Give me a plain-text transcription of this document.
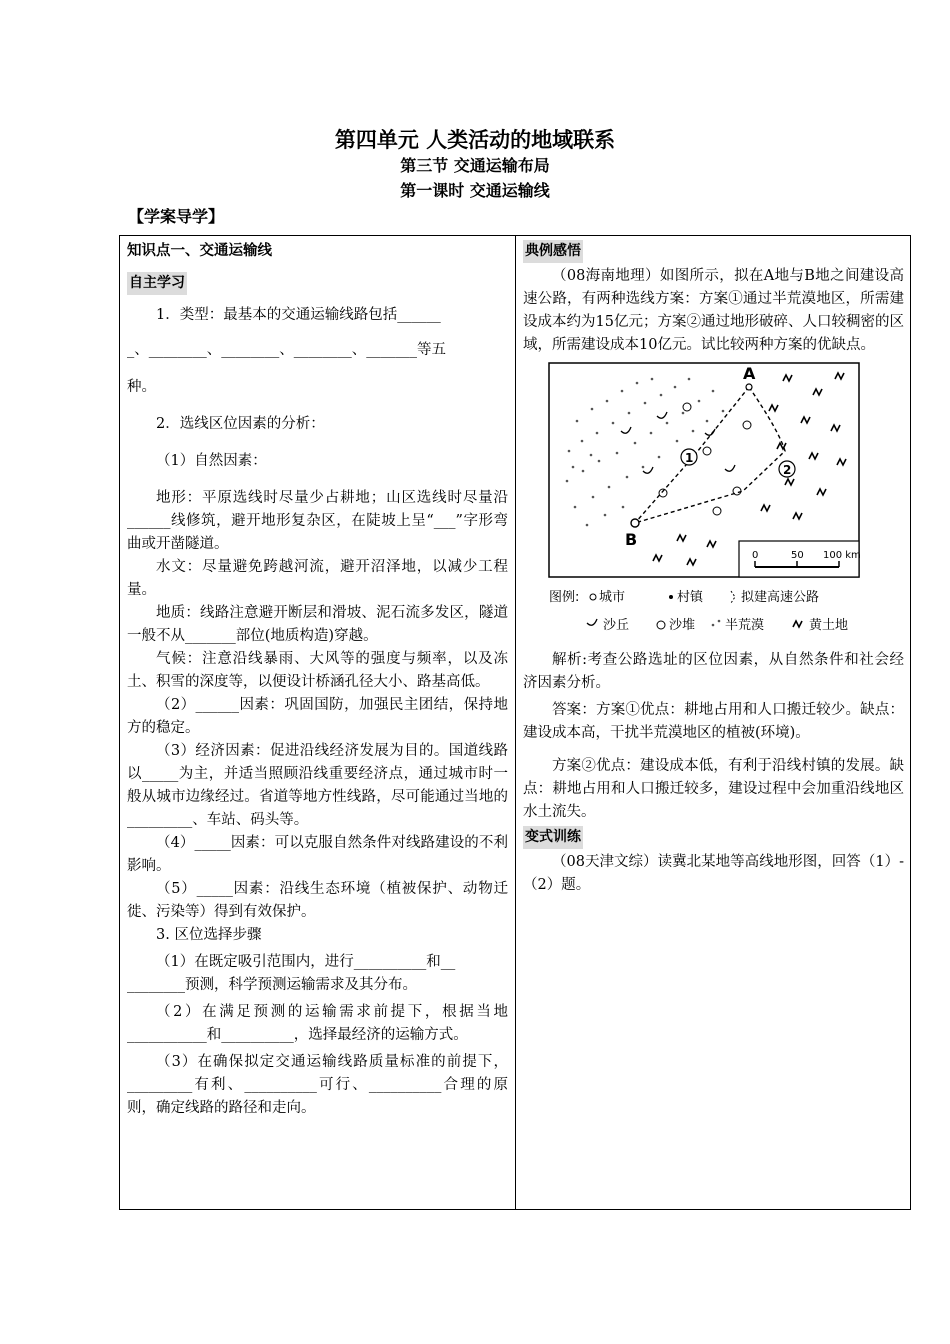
第四单元 人类活动的地域联系
第三节 交通运输布局
第一课时 交通运输线
【学案导学】

知识点一、交通运输线

自主学习

1．类型：最基本的交通运输线路包括______

_、________、________、________、_______等五

种。

2．选线区位因素的分析：

（1）自然因素：

地形：平原选线时尽量少占耕地；山区选线时尽量沿______线修筑，避开地形复杂区，在陡坡上呈“___”字形弯曲或开凿隧道。

水文：尽量避免跨越河流，避开沼泽地，以减少工程量。

地质：线路注意避开断层和滑坡、泥石流多发区，隧道一般不从_______部位(地质构造)穿越。

气候：注意沿线暴雨、大风等的强度与频率，以及冻土、积雪的深度等，以便设计桥涵孔径大小、路基高低。

（2）______因素：巩固国防，加强民主团结，保持地方的稳定。

（3）经济因素：促进沿线经济发展为目的。国道线路以_____为主，并适当照顾沿线重要经济点，通过城市时一般从城市边缘经过。省道等地方性线路，尽可能通过当地的_________、车站、码头等。

（4）_____因素：可以克服自然条件对线路建设的不利影响。

（5）_____因素：沿线生态环境（植被保护、动物迁徙、污染等）得到有效保护。

3. 区位选择步骤

（1）在既定吸引范围内，进行__________和__

________预测，科学预测运输需求及其分布。

（2）在满足预测的运输需求前提下，根据当地___________和__________，选择最经济的运输方式。

（3）在确保拟定交通运输线路质量标准的前提下，_________有利、__________可行、__________合理的原则，确定线路的路径和走向。

典例感悟

（08海南地理）如图所示，拟在A地与B地之间建设高速公路，有两种选线方案：方案①通过半荒漠地区，所需建设成本约为15亿元；方案②通过地形破碎、人口较稠密的区域，所需建设成本10亿元。试比较两种方案的优缺点。

A
B
1
2
0	50 100 km
图例: 城市	村镇	拟建高速公路
沙丘	沙堆 半荒漠	黄土地

解析:考查公路选址的区位因素，从自然条件和社会经济因素分析。

答案：方案①优点：耕地占用和人口搬迁较少。缺点：建设成本高，干扰半荒漠地区的植被(环境)。

方案②优点：建设成本低，有利于沿线村镇的发展。缺点：耕地占用和人口搬迁较多，建设过程中会加重沿线地区水土流失。

变式训练

（08天津文综）读冀北某地等高线地形图，回答（1）-（2）题。
